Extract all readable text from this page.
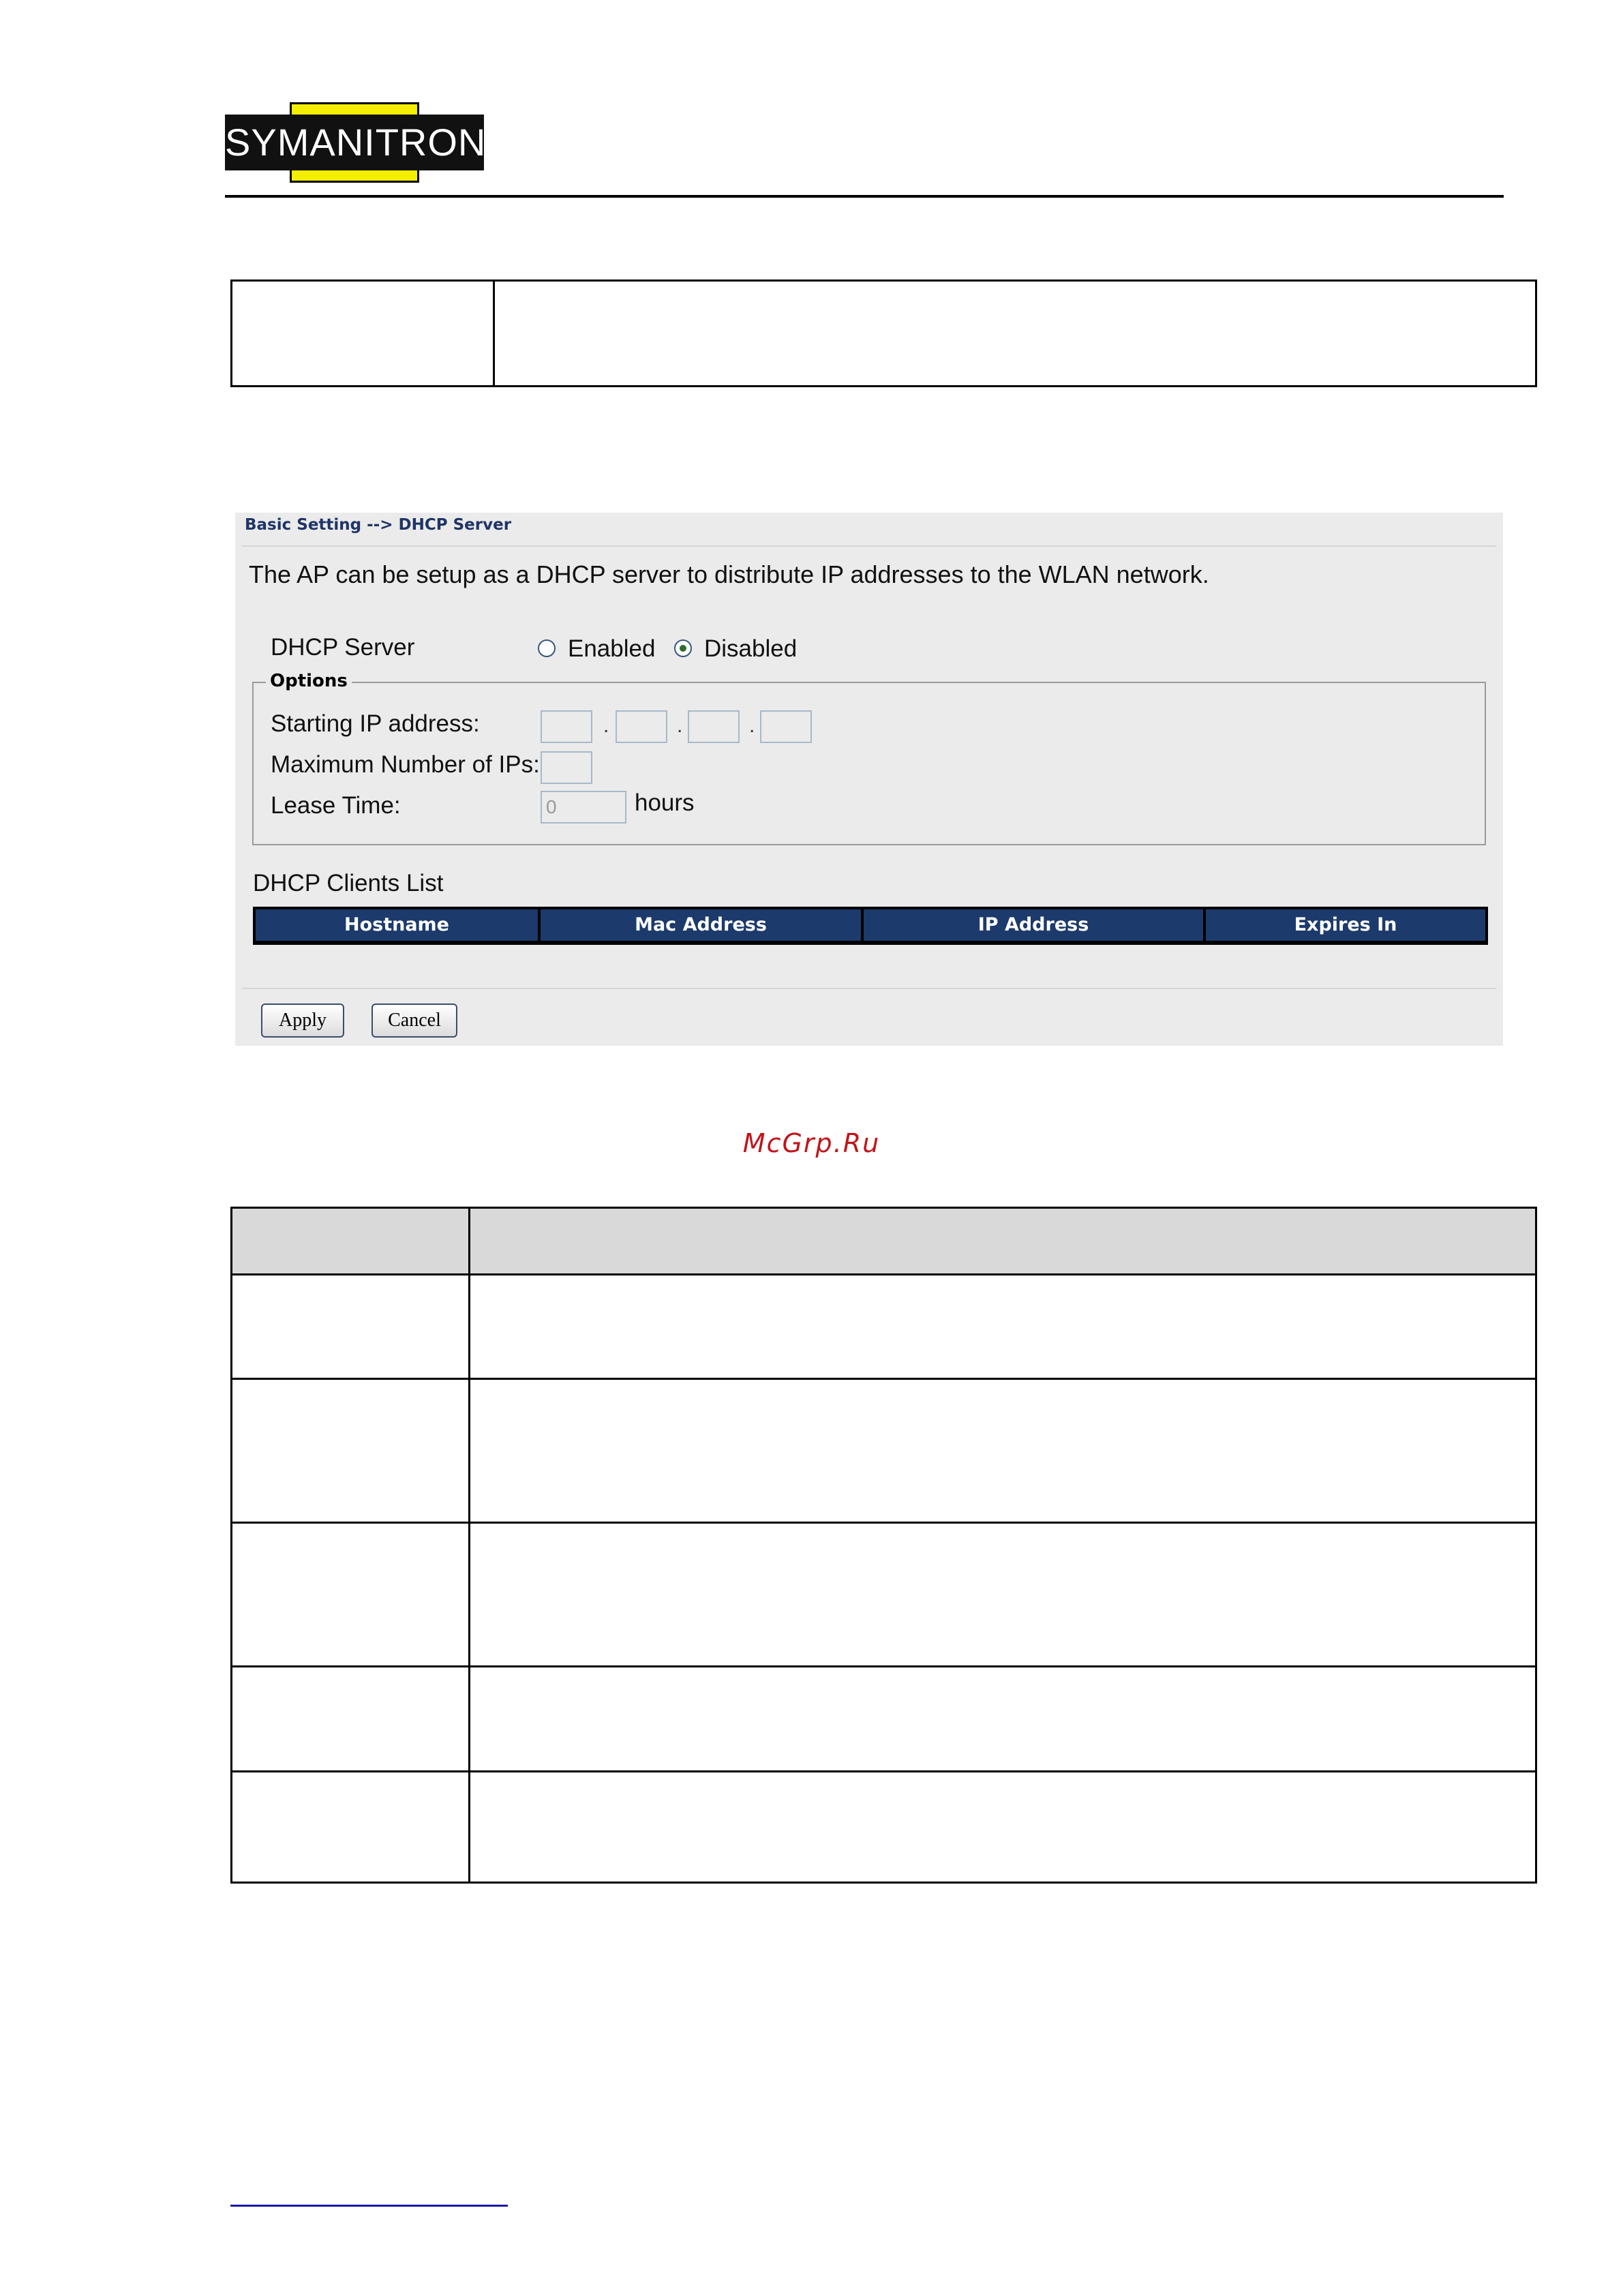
SYMANITRON

Basic Setting --> DHCP Server
The AP can be setup as a DHCP server to distribute IP addresses to the WLAN network.
DHCP Server	Enabled Disabled
Options
Starting IP address:	.	.	.
Maximum Number of IPs:
Lease Time:	0	hours
DHCP Clients List
Hostname	Mac Address	IP Address	Expires In
Apply	Cancel
McGrp.Ru
